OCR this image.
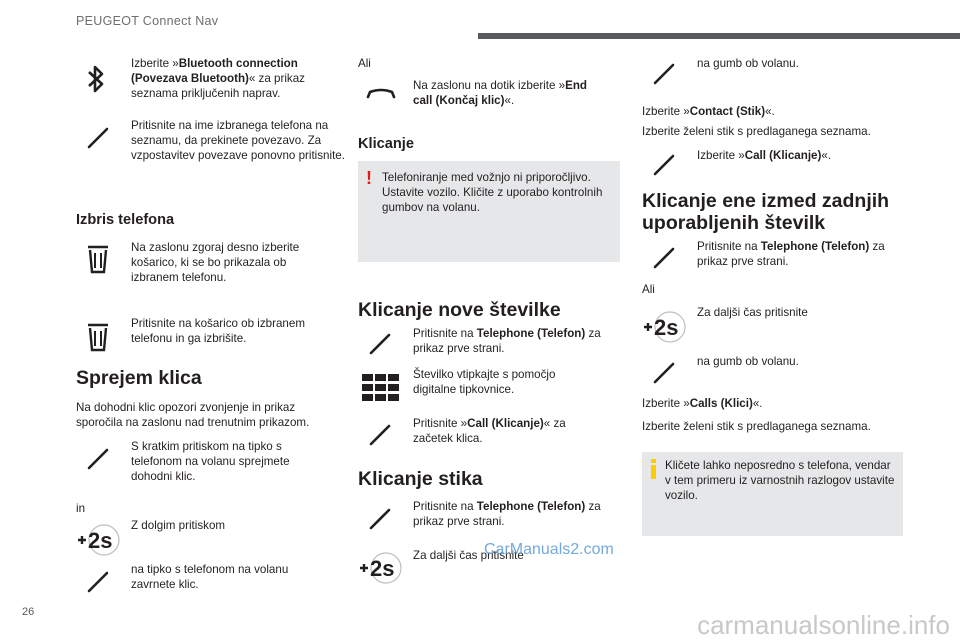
PEUGEOT Connect Nav
Izberite »Bluetooth connection (Povezava Bluetooth)« za prikaz seznama priključenih naprav.
Pritisnite na ime izbranega telefona na seznamu, da prekinete povezavo. Za vzpostavitev povezave ponovno pritisnite.
Izbris telefona
Na zaslonu zgoraj desno izberite košarico, ki se bo prikazala ob izbranem telefonu.
Pritisnite na košarico ob izbranem telefonu in ga izbrišite.
Sprejem klica
Na dohodni klic opozori zvonjenje in prikaz sporočila na zaslonu nad trenutnim prikazom.
S kratkim pritiskom na tipko s telefonom na volanu sprejmete dohodni klic.
in
2s
Z dolgim pritiskom
na tipko s telefonom na volanu zavrnete klic.
Ali
Na zaslonu na dotik izberite »End call (Končaj klic)«.
Klicanje
! Telefoniranje med vožnjo ni priporočljivo. Ustavite vozilo. Kličite z uporabo kontrolnih gumbov na volanu.
Klicanje nove številke
Pritisnite na Telephone (Telefon) za prikaz prve strani.
Številko vtipkajte s pomočjo digitalne tipkovnice.
Pritisnite »Call (Klicanje)« za začetek klica.
Klicanje stika
Pritisnite na Telephone (Telefon) za prikaz prve strani.
2s
Za daljši čas pritisnite
na gumb ob volanu.
Izberite »Contact (Stik)«.
Izberite želeni stik s predlaganega seznama.
Izberite »Call (Klicanje)«.
Klicanje ene izmed zadnjih uporabljenih številk
Pritisnite na Telephone (Telefon) za prikaz prve strani.
Ali
2s
Za daljši čas pritisnite
na gumb ob volanu.
Izberite »Calls (Klici)«.
Izberite želeni stik s predlaganega seznama.
Kličete lahko neposredno s telefona, vendar v tem primeru iz varnostnih razlogov ustavite vozilo.
26
CarManuals2.com
carmanualsonline.info
